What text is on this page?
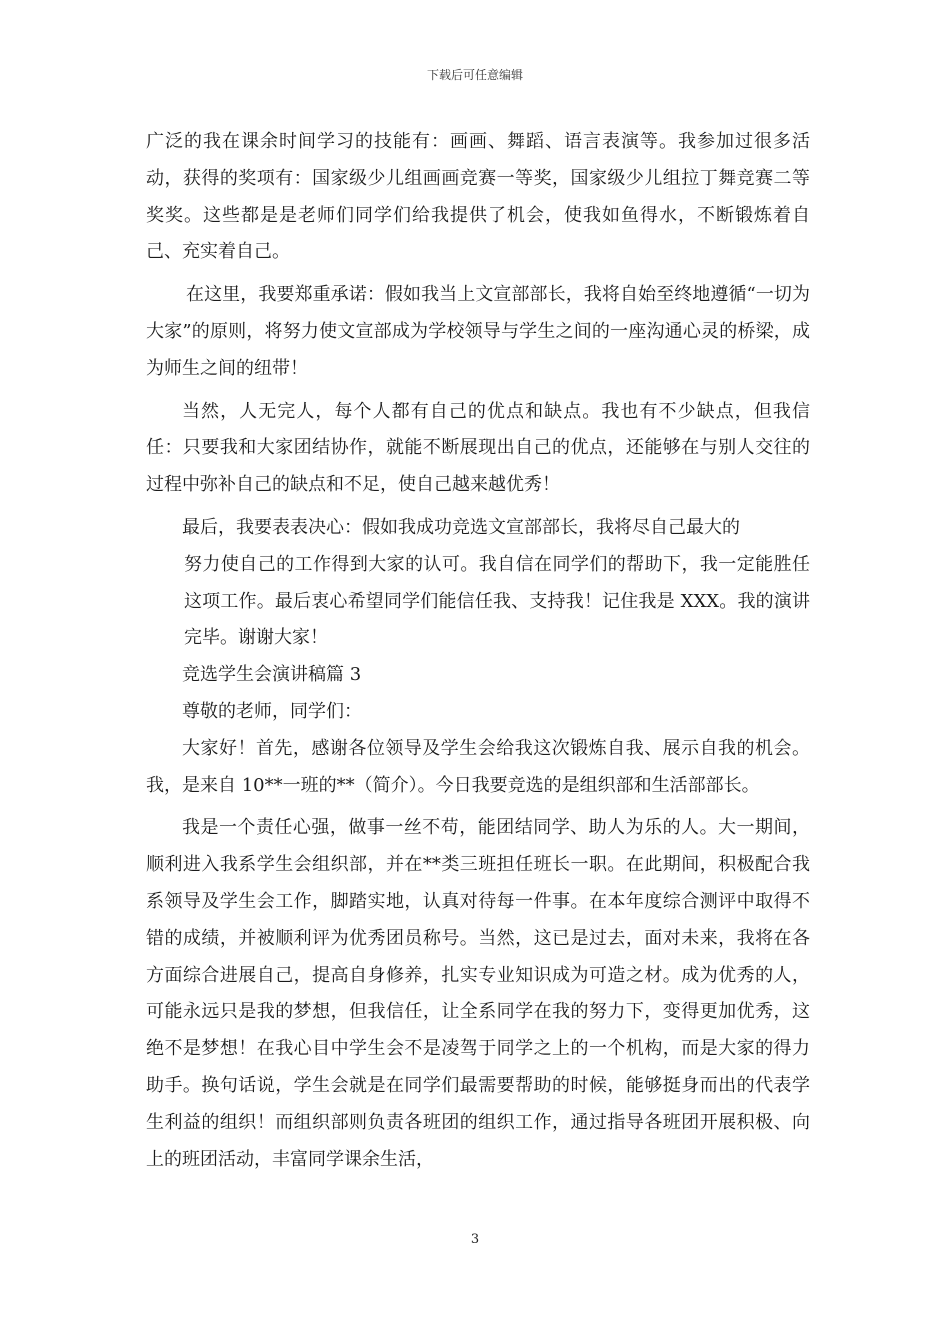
下载后可任意编辑

广泛的我在课余时间学习的技能有：画画、舞蹈、语言表演等。我参加过很多活动，获得的奖项有：国家级少儿组画画竞赛一等奖，国家级少儿组拉丁舞竞赛二等奖奖。这些都是是老师们同学们给我提供了机会，使我如鱼得水，不断锻炼着自己、充实着自己。

在这里，我要郑重承诺：假如我当上文宣部部长，我将自始至终地遵循“一切为大家”的原则，将努力使文宣部成为学校领导与学生之间的一座沟通心灵的桥梁，成为师生之间的纽带！

当然，人无完人，每个人都有自己的优点和缺点。我也有不少缺点，但我信任：只要我和大家团结协作，就能不断展现出自己的优点，还能够在与别人交往的过程中弥补自己的缺点和不足，使自己越来越优秀！

最后，我要表表决心：假如我成功竞选文宣部部长，我将尽自己最大的

努力使自己的工作得到大家的认可。我自信在同学们的帮助下，我一定能胜任这项工作。最后衷心希望同学们能信任我、支持我！记住我是 XXX。我的演讲完毕。谢谢大家！

竞选学生会演讲稿篇 3

尊敬的老师，同学们：

大家好！首先，感谢各位领导及学生会给我这次锻炼自我、展示自我的机会。我，是来自 10**一班的**（简介）。今日我要竞选的是组织部和生活部部长。

我是一个责任心强，做事一丝不苟，能团结同学、助人为乐的人。大一期间，顺利进入我系学生会组织部，并在**类三班担任班长一职。在此期间，积极配合我系领导及学生会工作，脚踏实地，认真对待每一件事。在本年度综合测评中取得不错的成绩，并被顺利评为优秀团员称号。当然，这已是过去，面对未来，我将在各方面综合进展自己，提高自身修养，扎实专业知识成为可造之材。成为优秀的人，可能永远只是我的梦想，但我信任，让全系同学在我的努力下，变得更加优秀，这绝不是梦想！在我心目中学生会不是凌驾于同学之上的一个机构，而是大家的得力助手。换句话说，学生会就是在同学们最需要帮助的时候，能够挺身而出的代表学生利益的组织！而组织部则负责各班团的组织工作，通过指导各班团开展积极、向上的班团活动，丰富同学课余生活，

3
